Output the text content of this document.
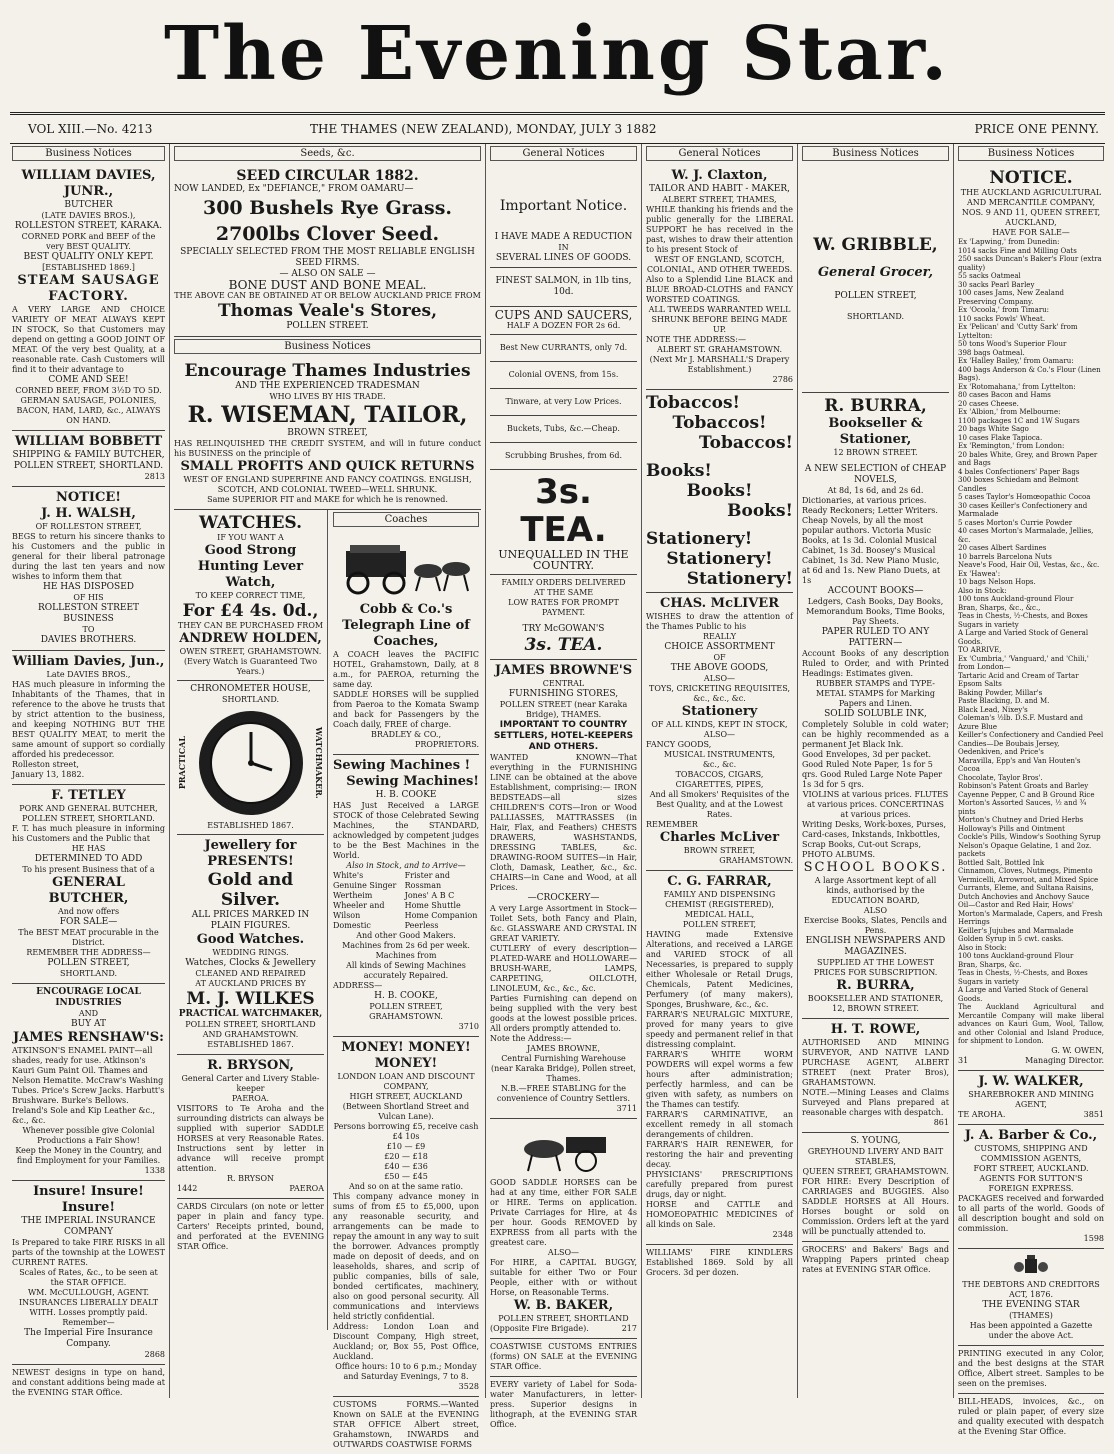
The Evening Star.
VOL XIII.—No. 4213	THE THAMES (NEW ZEALAND), MONDAY, JULY 3 1882	PRICE ONE PENNY.
Business Notices
WILLIAM DAVIES, JUNR.,
BUTCHER
(LATE DAVIES BROS.),
ROLLESTON STREET, KARAKA.
CORNED PORK and BEEF of the very BEST QUALITY.
BEST QUALITY ONLY KEPT.
[ESTABLISHED 1869.]
STEAM SAUSAGE FACTORY.
A VERY LARGE AND CHOICE VARIETY OF MEAT ALWAYS KEPT IN STOCK, So that Customers may depend on getting a GOOD JOINT OF MEAT. Of the very best Quality, at a reasonable rate. Cash Customers will find it to their advantage to
COME AND SEE!
CORNED BEEF, FROM 3½D TO 5D.
GERMAN SAUSAGE, POLONIES, BACON, HAM, LARD, &c., ALWAYS ON HAND.
WILLIAM BOBBETT
SHIPPING & FAMILY BUTCHER,
POLLEN STREET, SHORTLAND.
2813
NOTICE!
J. H. WALSH,
OF ROLLESTON STREET,
BEGS to return his sincere thanks to his Customers and the public in general for their liberal patronage during the last ten years and now wishes to inform them that
HE HAS DISPOSED
OF HIS
ROLLESTON STREET BUSINESS
TO
DAVIES BROTHERS.
William Davies, Jun.,
Late DAVIES BROS.,
HAS much pleasure in informing the Inhabitants of the Thames, that in reference to the above he trusts that by strict attention to the business, and keeping NOTHING BUT THE BEST QUALITY MEAT, to merit the same amount of support so cordially afforded his predecessor.
Rolleston street,
January 13, 1882.
F. TETLEY
PORK AND GENERAL BUTCHER,
POLLEN STREET, SHORTLAND.
F. T. has much pleasure in informing his Customers and the Public that
HE HAS
DETERMINED TO ADD
To his present Business that of a
GENERAL BUTCHER,
And now offers
FOR SALE—
The BEST MEAT procurable in the District.
REMEMBER THE ADDRESS—
POLLEN STREET,
SHORTLAND.
ENCOURAGE LOCAL INDUSTRIES
AND
BUY AT
JAMES RENSHAW'S:
ATKINSON'S ENAMEL PAINT—all shades, ready for use. Atkinson's Kauri Gum Paint Oil. Thames and Nelson Hematite. McCraw's Washing Tubes. Price's Screw Jacks. Harbutt's Brushware. Burke's Bellows. Ireland's Sole and Kip Leather &c., &c., &c.
Whenever possible give Colonial Productions a Fair Show!
Keep the Money in the Country, and find Employment for your Families.
1338
Insure! Insure! Insure!
THE IMPERIAL INSURANCE COMPANY
Is Prepared to take FIRE RISKS in all parts of the township at the LOWEST CURRENT RATES.
Scales of Rates, &c., to be seen at the STAR OFFICE.
WM. McCULLOUGH, AGENT.
INSURANCES LIBERALLY DEALT WITH. Losses promptly paid.
Remember—
The Imperial Fire Insurance Company.
2868
NEWEST designs in type on hand, and constant additions being made at the EVENING STAR Office.
Seeds, &c.
SEED CIRCULAR 1882.
NOW LANDED, Ex "DEFIANCE," FROM OAMARU—
300 Bushels Rye Grass.
2700lbs Clover Seed.
SPECIALLY SELECTED FROM THE MOST RELIABLE ENGLISH SEED FIRMS.
— ALSO ON SALE —
BONE DUST AND BONE MEAL.
THE ABOVE CAN BE OBTAINED AT OR BELOW AUCKLAND PRICE FROM
Thomas Veale's Stores,
POLLEN STREET.
Business Notices
Encourage Thames Industries
AND THE EXPERIENCED TRADESMAN
WHO LIVES BY HIS TRADE.
R. WISEMAN, TAILOR,
BROWN STREET,
HAS RELINQUISHED THE CREDIT SYSTEM, and will in future conduct his BUSINESS on the principle of
SMALL PROFITS AND QUICK RETURNS
WEST OF ENGLAND SUPERFINE AND FANCY COATINGS. ENGLISH, SCOTCH, AND COLONIAL TWEED—WELL SHRUNK.
Same SUPERIOR FIT and MAKE for which he is renowned.
WATCHES.
IF YOU WANT A
Good Strong Hunting Lever Watch,
TO KEEP CORRECT TIME,
For £4 4s. 0d.,
THEY CAN BE PURCHASED FROM
ANDREW HOLDEN,
OWEN STREET, GRAHAMSTOWN.
(Every Watch is Guaranteed Two Years.)
CHRONOMETER HOUSE,
SHORTLAND.
PRACTICAL	WATCHMAKER.
ESTABLISHED 1867.
Jewellery for PRESENTS!
Gold and Silver.
ALL PRICES MARKED IN PLAIN FIGURES.
Good Watches.
WEDDING RINGS.
Watches, Clocks & Jewellery
CLEANED AND REPAIRED
AT AUCKLAND PRICES BY
M. J. WILKES
PRACTICAL WATCHMAKER,
POLLEN STREET, SHORTLAND AND GRAHAMSTOWN.
ESTABLISHED 1867.
R. BRYSON,
General Carter and Livery Stable-keeper
PAEROA.
VISITORS to Te Aroha and the surrounding districts can always be supplied with superior SADDLE HORSES at very Reasonable Rates. Instructions sent by letter in advance will receive prompt attention.
R. BRYSON
1442	PAEROA
CARDS Circulars (on note or letter paper in plain and fancy type. Carters' Receipts printed, bound, and perforated at the EVENING STAR Office.
Coaches
Cobb & Co.'s Telegraph Line of Coaches,
A COACH leaves the PACIFIC HOTEL, Grahamstown, Daily, at 8 a.m., for PAEROA, returning the same day.
SADDLE HORSES will be supplied from Paeroa to the Komata Swamp and back for Passengers by the Coach daily, FREE of charge.
BRADLEY & CO.,
PROPRIETORS.
Sewing Machines !
Sewing Machines!
H. B. COOKE
HAS Just Received a LARGE STOCK of those Celebrated Sewing Machines, the STANDARD, acknowledged by competent judges to be the Best Machines in the World.
Also in Stock, and to Arrive—
White's
Genuine Singer
Wertheim
Wheeler and Wilson
Domestic
Frister and Rossman
Jones' A B C
Home Shuttle
Home Companion
Peerless
And other Good Makers.
Machines from 2s 6d per week. Machines from
All kinds of Sewing Machines accurately Repaired.
ADDRESS—
H. B. COOKE,
POLLEN STREET, GRAHAMSTOWN.
3710
MONEY! MONEY! MONEY!
LONDON LOAN AND DISCOUNT COMPANY,
HIGH STREET, AUCKLAND
(Between Shortland Street and Vulcan Lane).
Persons borrowing £5, receive cash £4 10s
£10 — £9
£20 — £18
£40 — £36
£50 — £45
And so on at the same ratio.
This company advance money in sums of from £5 to £5,000, upon any reasonable security, and arrangements can be made to repay the amount in any way to suit the borrower. Advances promptly made on deposit of deeds, and on leaseholds, shares, and scrip of public companies, bills of sale, bonded certificates, machinery, also on good personal security. All communications and interviews held strictly confidential.
Address: London Loan and Discount Company, High street, Auckland; or, Box 55, Post Office, Auckland.
Office hours: 10 to 6 p.m.; Monday and Saturday Evenings, 7 to 8.
3528
CUSTOMS FORMS.—Wanted Known on SALE at the EVENING STAR OFFICE Albert street, Grahamstown, INWARDS and OUTWARDS COASTWISE FORMS
General Notices
Important Notice.
I HAVE MADE A REDUCTION
IN
SEVERAL LINES OF GOODS.
FINEST SALMON, in 1lb tins, 10d.
CUPS AND SAUCERS,
HALF A DOZEN FOR 2s 6d.
Best New CURRANTS, only 7d.
Colonial OVENS, from 15s.
Tinware, at very Low Prices.
Buckets, Tubs, &c.—Cheap.
Scrubbing Brushes, from 6d.
3s. TEA.
UNEQUALLED IN THE COUNTRY.
FAMILY ORDERS DELIVERED
AT THE SAME
LOW RATES FOR PROMPT PAYMENT.
TRY McGOWAN'S
3s. TEA.
JAMES BROWNE'S
CENTRAL
FURNISHING STORES,
POLLEN STREET (near Karaka Bridge), THAMES.
IMPORTANT TO COUNTRY SETTLERS, HOTEL-KEEPERS AND OTHERS.
WANTED KNOWN—That everything in the FURNISHING LINE can be obtained at the above Establishment, comprising:— IRON BEDSTEADS—all sizes CHILDREN'S COTS—Iron or Wood PALLIASSES, MATTRASSES (in Hair, Flax, and Feathers) CHESTS DRAWERS, WASHSTANDS, DRESSING TABLES, &c. DRAWING-ROOM SUITES—in Hair, Cloth, Damask, Leather, &c., &c. CHAIRS—in Cane and Wood, at all Prices.
—CROCKERY—
A very Large Assortment in Stock—Toilet Sets, both Fancy and Plain, &c. GLASSWARE AND CRYSTAL IN GREAT VARIETY.
CUTLERY of every description—PLATED-WARE and HOLLOWARE—BRUSH-WARE, LAMPS, CARPETING, OILCLOTH, LINOLEUM, &c., &c., &c.
Parties Furnishing can depend on being supplied with the very best goods at the lowest possible prices. All orders promptly attended to.
Note the Address:—
JAMES BROWNE,
Central Furnishing Warehouse (near Karaka Bridge), Pollen street, Thames.
N.B.—FREE STABLING for the convenience of Country Settlers.
3711
GOOD SADDLE HORSES can be had at any time, either FOR SALE or HIRE. Terms on application. Private Carriages for Hire, at 4s per hour. Goods REMOVED by EXPRESS from all parts with the greatest care.
ALSO—
For HIRE, a CAPITAL BUGGY, suitable for either Two or Four People, either with or without Horse, on Reasonable Terms.
W. B. BAKER,
POLLEN STREET, SHORTLAND
(Opposite Fire Brigade).	217
COASTWISE CUSTOMS ENTRIES (forms) ON SALE at the EVENING STAR Office.
EVERY variety of Label for Soda-water Manufacturers, in letter-press. Superior designs in lithograph, at the EVENING STAR Office.
General Notices
W. J. Claxton,
TAILOR AND HABIT - MAKER,
ALBERT STREET, THAMES,
WHILE thanking his friends and the public generally for the LIBERAL SUPPORT he has received in the past, wishes to draw their attention to his present Stock of
WEST OF ENGLAND, SCOTCH, COLONIAL, AND OTHER TWEEDS.
Also to a Splendid Line BLACK and BLUE BROAD-CLOTHS and FANCY WORSTED COATINGS.
ALL TWEEDS WARRANTED WELL SHRUNK BEFORE BEING MADE UP.
NOTE THE ADDRESS:—
ALBERT ST. GRAHAMSTOWN.
(Next Mr J. MARSHALL'S Drapery Establishment.)
2786
Tobaccos!
Tobaccos!
Tobaccos!
Books!
Books!
Books!
Stationery!
Stationery!
Stationery!
CHAS. McLIVER
WISHES to draw the attention of the Thames Public to his
REALLY
CHOICE ASSORTMENT
OF
THE ABOVE GOODS,
ALSO—
TOYS, CRICKETING REQUISITES,
&c., &c., &c.
Stationery
OF ALL KINDS, KEPT IN STOCK,
ALSO—
FANCY GOODS,
MUSICAL INSTRUMENTS,
&c., &c.
TOBACCOS, CIGARS, CIGARETTES, PIPES,
And all Smokers' Requisites of the Best Quality, and at the Lowest Rates.
REMEMBER
Charles McLiver
BROWN STREET,
GRAHAMSTOWN.
C. G. FARRAR,
FAMILY AND DISPENSING CHEMIST (REGISTERED),
MEDICAL HALL,
POLLEN STREET,
HAVING made Extensive Alterations, and received a LARGE and VARIED STOCK of all Necessaries, is prepared to supply either Wholesale or Retail Drugs, Chemicals, Patent Medicines, Perfumery (of many makers), Sponges, Brushware, &c., &c.
FARRAR'S NEURALGIC MIXTURE, proved for many years to give speedy and permanent relief in that distressing complaint.
FARRAR'S WHITE WORM POWDERS will expel worms a few hours after administration; perfectly harmless, and can be given with safety, as numbers on the Thames can testify.
FARRAR'S CARMINATIVE, an excellent remedy in all stomach derangements of children.
FARRAR'S HAIR RENEWER, for restoring the hair and preventing decay.
PHYSICIANS' PRESCRIPTIONS carefully prepared from purest drugs, day or night.
HORSE and CATTLE and HOMOEOPATHIC MEDICINES of all kinds on Sale.
2348
WILLIAMS' FIRE KINDLERS Established 1869. Sold by all Grocers. 3d per dozen.
Business Notices
W. GRIBBLE,
General Grocer,
POLLEN STREET,
SHORTLAND.
R. BURRA,
Bookseller & Stationer,
12 BROWN STREET.
A NEW SELECTION of CHEAP NOVELS,
At 8d, 1s 6d, and 2s 6d.
Dictionaries, at various prices. Ready Reckoners; Letter Writers. Cheap Novels, by all the most popular authors. Victoria Music Books, at 1s 3d. Colonial Musical Cabinet, 1s 3d. Boosey's Musical Cabinet, 1s 3d. New Piano Music, at 6d and 1s. New Piano Duets, at 1s
ACCOUNT BOOKS—
Ledgers, Cash Books, Day Books, Memorandum Books, Time Books, Pay Sheets.
PAPER RULED TO ANY PATTERN—
Account Books of any description Ruled to Order, and with Printed Headings: Estimates given.
RUBBER STAMPS and TYPE-METAL STAMPS for Marking Papers and Linen.
SOLID SOLUBLE INK,
Completely Soluble in cold water; can be highly recommended as a permanent Jet Black Ink.
Good Envelopes, 3d per packet. Good Ruled Note Paper, 1s for 5 qrs. Good Ruled Large Note Paper 1s 3d for 5 qrs.
VIOLINS at various prices. FLUTES at various prices. CONCERTINAS at various prices.
Writing Desks, Work-boxes, Purses, Card-cases, Inkstands, Inkbottles, Scrap Books, Cut-out Scraps, PHOTO ALBUMS.
SCHOOL BOOKS.
A large Assortment kept of all kinds, authorised by the EDUCATION BOARD,
ALSO
Exercise Books, Slates, Pencils and Pens.
ENGLISH NEWSPAPERS AND MAGAZINES.
SUPPLIED AT THE LOWEST PRICES FOR SUBSCRIPTION.
R. BURRA,
BOOKSELLER AND STATIONER,
12, BROWN STREET.
H. T. ROWE,
AUTHORISED AND MINING SURVEYOR, AND NATIVE LAND PURCHASE AGENT, ALBERT STREET (next Prater Bros), GRAHAMSTOWN.
NOTE.—Mining Leases and Claims Surveyed and Plans prepared at reasonable charges with despatch.
861
S. YOUNG,
GREYHOUND LIVERY AND BAIT STABLES,
QUEEN STREET, GRAHAMSTOWN.
FOR HIRE: Every Description of CARRIAGES and BUGGIES. Also SADDLE HORSES at All Hours. Horses bought or sold on Commission. Orders left at the yard will be punctually attended to.
GROCERS' and Bakers' Bags and Wrapping Papers printed cheap rates at EVENING STAR Office.
Business Notices
NOTICE.
THE AUCKLAND AGRICULTURAL AND MERCANTILE COMPANY,
NOS. 9 AND 11, QUEEN STREET, AUCKLAND,
HAVE FOR SALE—
Ex 'Lapwing,' from Dunedin:
1014 sacks Fine and Milling Oats
250 sacks Duncan's Baker's Flour (extra quality)
55 sacks Oatmeal
30 sacks Pearl Barley
100 cases Jams, New Zealand Preserving Company.
Ex 'Ocoola,' from Timaru:
110 sacks Fowls' Wheat.
Ex 'Pelican' and 'Cutty Sark' from Lyttelton:
50 tons Wood's Superior Flour
398 bags Oatmeal.
Ex 'Halley Bailey,' from Oamaru:
400 bags Anderson & Co.'s Flour (Linen Bags).
Ex 'Rotomahana,' from Lyttelton:
80 cases Bacon and Hams
20 cases Cheese.
Ex 'Albion,' from Melbourne:
1100 packages 1C and 1W Sugars
20 bags White Sago
10 cases Flake Tapioca.
Ex 'Remington,' from London:
20 bales White, Grey, and Brown Paper and Bags
4 bales Confectioners' Paper Bags
300 boxes Schiedam and Belmont Candles
5 cases Taylor's Homœopathic Cocoa
30 cases Keiller's Confectionery and Marmalade
5 cases Morton's Currie Powder
40 cases Morton's Marmalade, Jellies, &c.
20 cases Albert Sardines
10 barrels Barcelona Nuts
Neave's Food, Hair Oil, Vestas, &c., &c.
Ex 'Hawea':
10 bags Nelson Hops.
Also in Stock:
100 tons Auckland-ground Flour
Bran, Sharps, &c., &c.,
Teas in Chests, ½-Chests, and Boxes
Sugars in variety
A Large and Varied Stock of General Goods.
TO ARRIVE,
Ex 'Cumbria,' 'Vanguard,' and 'Chili,' from London—
Tartaric Acid and Cream of Tartar
Epsom Salts
Baking Powder, Millar's
Paste Blacking, D. and M.
Black Lead, Nixey's
Coleman's ½lb. D.S.F. Mustard and Azure Blue
Keiller's Confectionery and Candied Peel
Candies—De Boubais Jersey, Oedenkiven, and Price's
Maravilla, Epp's and Van Houten's Cocoa
Chocolate, Taylor Bros'.
Robinson's Patent Groats and Barley
Cayenne Pepper, C and B Ground Rice
Morton's Assorted Sauces, ½ and ¾ pints
Morton's Chutney and Dried Herbs
Holloway's Pills and Ointment
Cockle's Pills, Window's Soothing Syrup
Nelson's Opaque Gelatine, 1 and 2oz. packets
Bottled Salt, Bottled Ink
Cinnamon, Cloves, Nutmegs, Pimento
Vermicelli, Arrowroot, and Mixed Spice
Currants, Eleme, and Sultana Raisins,
Dutch Anchovies and Anchovy Sauce
Oil—Castor and Red Hair, Hows'
Morton's Marmalade, Capers, and Fresh Herrings
Keiller's Jujubes and Marmalade
Golden Syrup in 5 cwt. casks.
Also in Stock:
100 tons Auckland-ground Flour
Bran, Sharps, &c.
Teas in Chests, ½-Chests, and Boxes
Sugars in variety
A Large and Varied Stock of General Goods.
The Auckland Agricultural and Mercantile Company will make liberal advances on Kauri Gum, Wool, Tallow, and other Colonial and Island Produce, for shipment to London.
G. W. OWEN,
31	Managing Director.
J. W. WALKER,
SHAREBROKER AND MINING AGENT,
TE AROHA.	3851
J. A. Barber & Co.,
CUSTOMS, SHIPPING AND COMMISSION AGENTS,
FORT STREET, AUCKLAND.
AGENTS FOR SUTTON'S FOREIGN EXPRESS.
PACKAGES received and forwarded to all parts of the world. Goods of all description bought and sold on commission.
1598
THE DEBTORS AND CREDITORS ACT, 1876.
THE EVENING STAR
(THAMES)
Has been appointed a Gazette under the above Act.
PRINTING executed in any Color, and the best designs at the STAR Office, Albert street. Samples to be seen on the premises.
BILL-HEADS, invoices, &c., on ruled or plain paper, of every size and quality executed with despatch at the Evening Star Office.
